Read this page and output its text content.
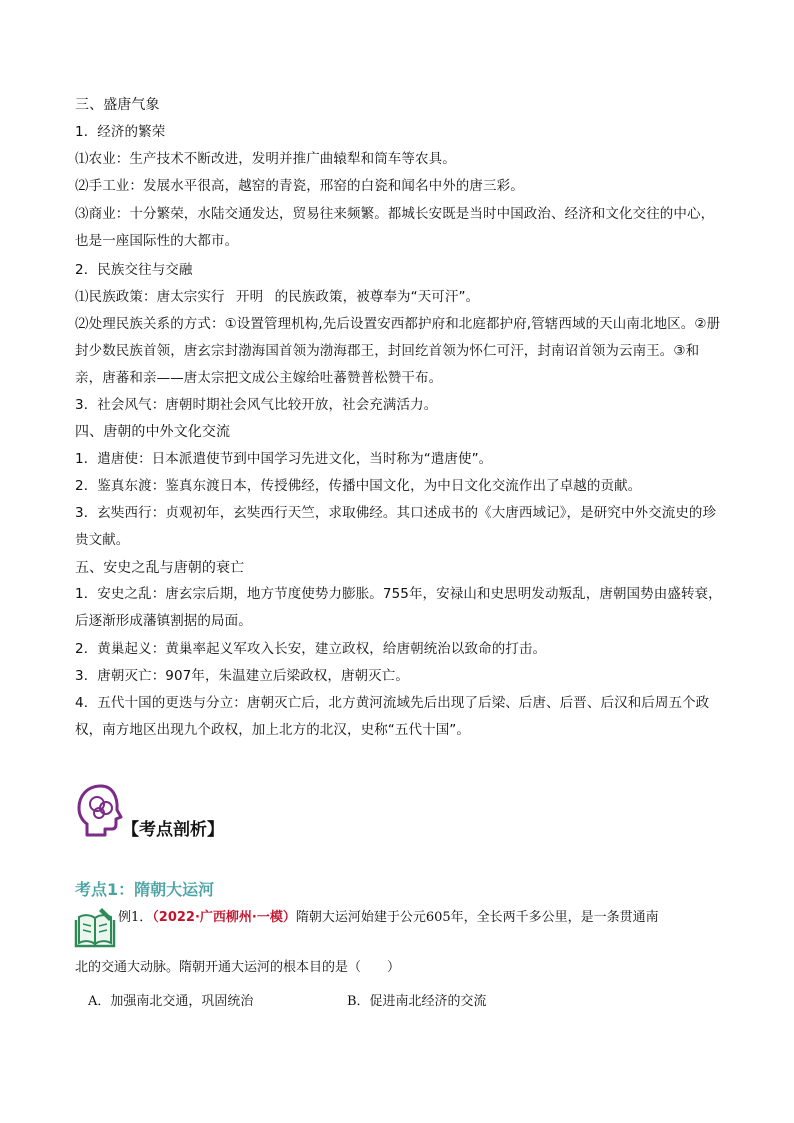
三、盛唐气象
1．经济的繁荣
⑴农业：生产技术不断改进，发明并推广曲辕犁和筒车等农具。
⑵手工业：发展水平很高，越窑的青瓷，邢窑的白瓷和闻名中外的唐三彩。
⑶商业：十分繁荣，水陆交通发达，贸易往来频繁。都城长安既是当时中国政治、经济和文化交往的中心，也是一座国际性的大都市。
2．民族交往与交融
⑴民族政策：唐太宗实行 开明 的民族政策，被尊奉为“天可汗”。
⑵处理民族关系的方式：①设置管理机构,先后设置安西都护府和北庭都护府,管辖西域的天山南北地区。②册封少数民族首领，唐玄宗封渤海国首领为渤海郡王，封回纥首领为怀仁可汗，封南诏首领为云南王。③和亲，唐蕃和亲——唐太宗把文成公主嫁给吐蕃赞普松赞干布。
3．社会风气：唐朝时期社会风气比较开放，社会充满活力。
四、唐朝的中外文化交流
1．遣唐使：日本派遣使节到中国学习先进文化，当时称为“遣唐使”。
2．鉴真东渡：鉴真东渡日本，传授佛经，传播中国文化，为中日文化交流作出了卓越的贡献。
3．玄奘西行：贞观初年，玄奘西行天竺，求取佛经。其口述成书的《大唐西域记》，是研究中外交流史的珍贵文献。
五、安史之乱与唐朝的衰亡
1．安史之乱：唐玄宗后期，地方节度使势力膨胀。755年，安禄山和史思明发动叛乱，唐朝国势由盛转衰，后逐渐形成藩镇割据的局面。
2．黄巢起义：黄巢率起义军攻入长安，建立政权，给唐朝统治以致命的打击。
3．唐朝灭亡：907年，朱温建立后梁政权，唐朝灭亡。
4．五代十国的更迭与分立：唐朝灭亡后，北方黄河流域先后出现了后梁、后唐、后晋、后汉和后周五个政权，南方地区出现九个政权，加上北方的北汉，史称“五代十国”。
【考点剖析】
考点1：隋朝大运河
例1．（2022·广西柳州·一模）隋朝大运河始建于公元605年，全长两千多公里，是一条贯通南
北的交通大动脉。隋朝开通大运河的根本目的是（　　）
A．加强南北交通，巩固统治	B．促进南北经济的交流
